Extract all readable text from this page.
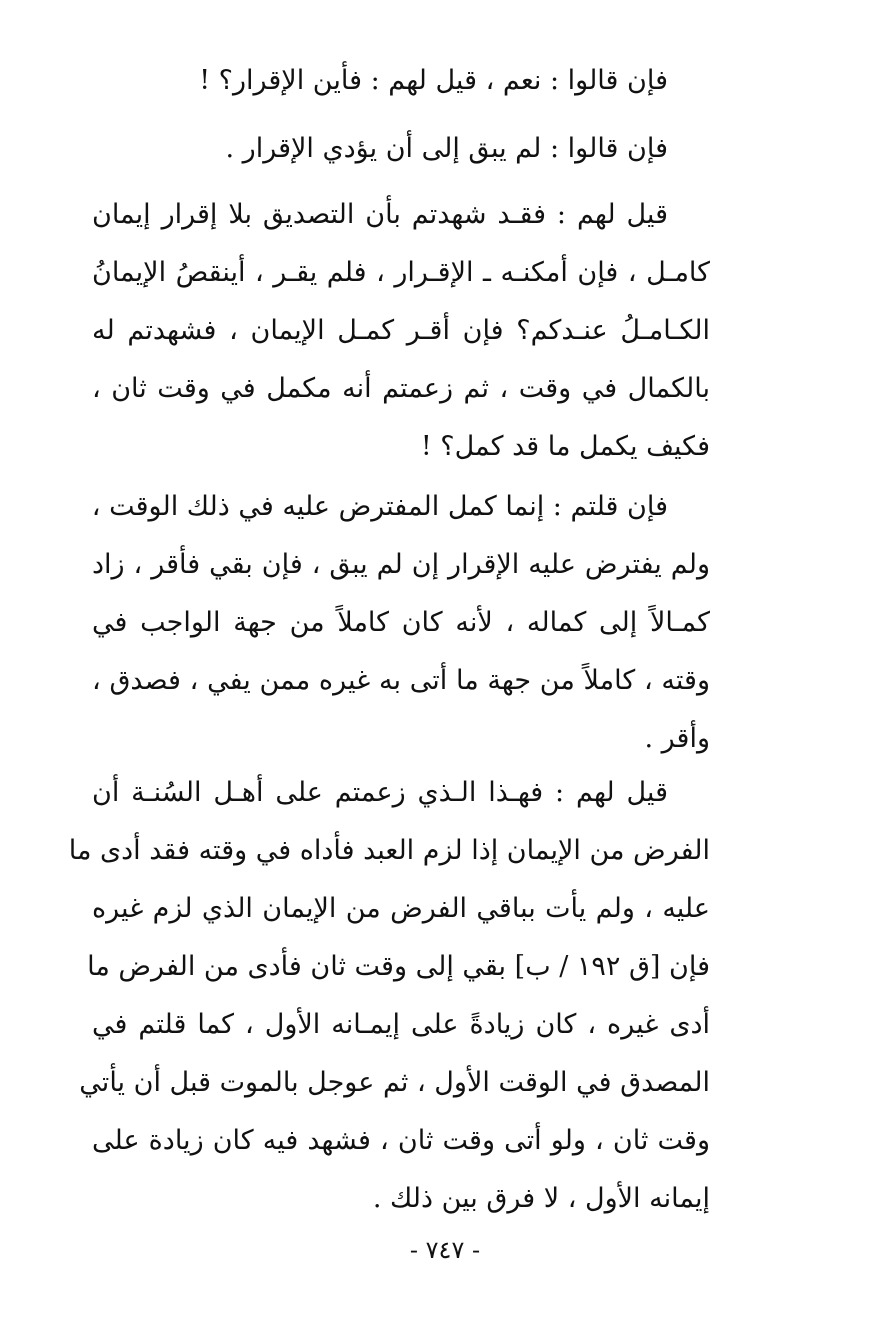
فإن قالوا : نعم ، قيل لهم : فأين الإقرار؟ !
فإن قالوا : لم يبق إلى أن يؤدي الإقرار .
قيل لهم : فقـد شهدتم بأن التصديق بلا إقرار إيمان
كامـل ، فإن أمكنـه ـ الإقـرار ، فلم يقـر ، أينقصُ الإيمانُ
الكـامـلُ عنـدكم؟ فإن أقـر كمـل الإيمان ، فشهدتم له
بالكمال في وقت ، ثم زعمتم أنه مكمل في وقت ثان ،
فكيف يكمل ما قد كمل؟ !
فإن قلتم : إنما كمل المفترض عليه في ذلك الوقت ،
ولم يفترض عليه الإقرار إن لم يبق ، فإن بقي فأقر ، زاد
كمـالاً إلى كماله ، لأنه كان كاملاً من جهة الواجب في
وقته ، كاملاً من جهة ما أتى به غيره ممن يفي ، فصدق ،
وأقر .
قيل لهم : فهـذا الـذي زعمتم على أهـل السُنـة أن
الفرض من الإيمان إذا لزم العبد فأداه في وقته فقد أدى ما
عليه ، ولم يأت بباقي الفرض من الإيمان الذي لزم غيره
فإن [ق ١٩٢ / ب] بقي إلى وقت ثان فأدى من الفرض ما
أدى غيره ، كان زيادةً على إيمـانه الأول ، كما قلتم في
المصدق في الوقت الأول ، ثم عوجل بالموت قبل أن يأتي
وقت ثان ، ولو أتى وقت ثان ، فشهد فيه كان زيادة على
إيمانه الأول ، لا فرق بين ذلك .
- ٧٤٧ -
